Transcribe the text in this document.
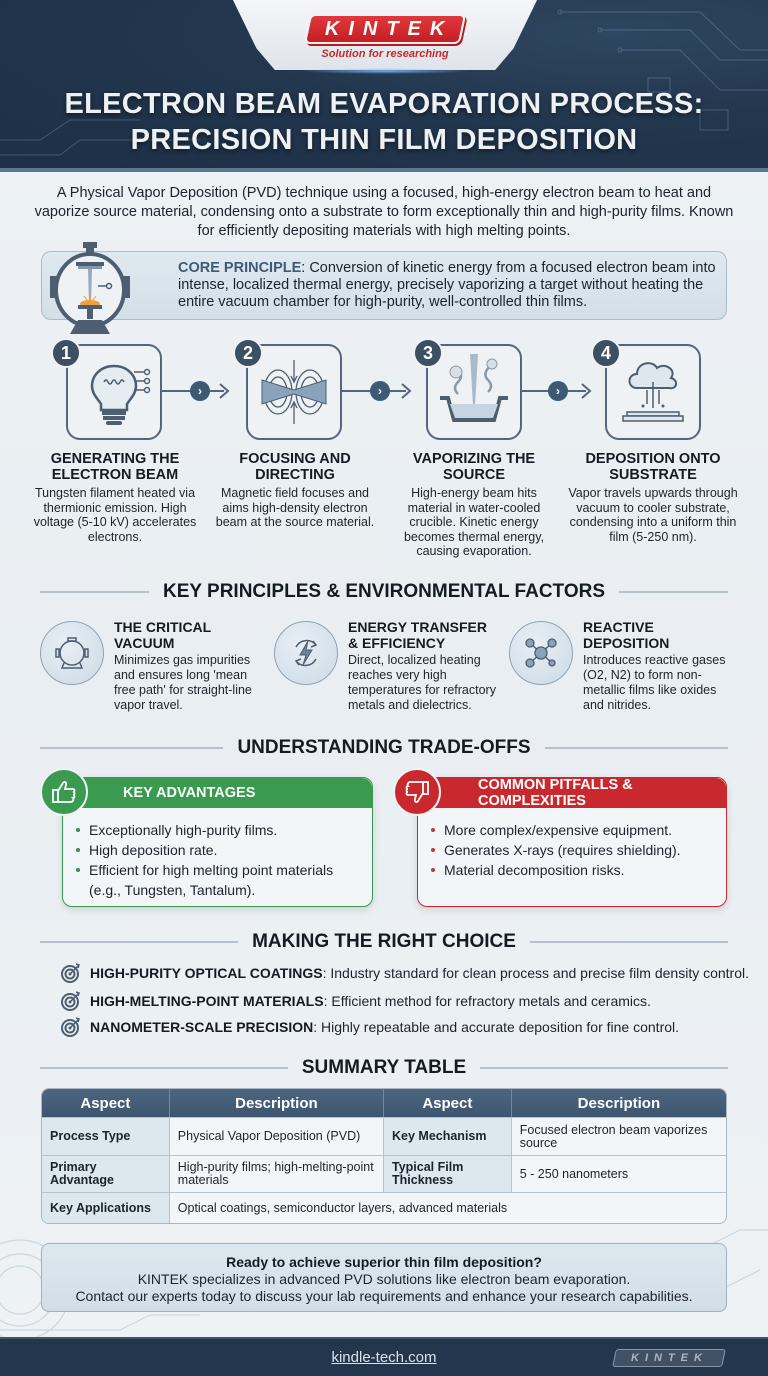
KINTEK
Solution for researching
ELECTRON BEAM EVAPORATION PROCESS:
PRECISION THIN FILM DEPOSITION
A Physical Vapor Deposition (PVD) technique using a focused, high-energy electron beam to heat and vaporize source material, condensing onto a substrate to form exceptionally thin and high-purity films. Known for efficiently depositing materials with high melting points.
CORE PRINCIPLE: Conversion of kinetic energy from a focused electron beam into intense, localized thermal energy, precisely vaporizing a target without heating the entire vacuum chamber for high-purity, well-controlled thin films.
1
GENERATING THE ELECTRON BEAM
Tungsten filament heated via thermionic emission. High voltage (5-10 kV) accelerates electrons.
›
2
FOCUSING AND DIRECTING
Magnetic field focuses and aims high-density electron beam at the source material.
›
3
VAPORIZING THE SOURCE
High-energy beam hits material in water-cooled crucible. Kinetic energy becomes thermal energy, causing evaporation.
›
4
DEPOSITION ONTO SUBSTRATE
Vapor travels upwards through vacuum to cooler substrate, condensing into a uniform thin film (5-250 nm).
KEY PRINCIPLES & ENVIRONMENTAL FACTORS
THE CRITICAL VACUUM
Minimizes gas impurities and ensures long 'mean free path' for straight-line vapor travel.
ENERGY TRANSFER & EFFICIENCY
Direct, localized heating reaches very high temperatures for refractory metals and dielectrics.
REACTIVE DEPOSITION
Introduces reactive gases (O2, N2) to form non-metallic films like oxides and nitrides.
UNDERSTANDING TRADE-OFFS
KEY ADVANTAGES
Exceptionally high-purity films.
High deposition rate.
Efficient for high melting point materials (e.g., Tungsten, Tantalum).
COMMON PITFALLS & COMPLEXITIES
More complex/expensive equipment.
Generates X-rays (requires shielding).
Material decomposition risks.
MAKING THE RIGHT CHOICE
HIGH-PURITY OPTICAL COATINGS : Industry standard for clean process and precise film density control.
HIGH-MELTING-POINT MATERIALS : Efficient method for refractory metals and ceramics.
NANOMETER-SCALE PRECISION : Highly repeatable and accurate deposition for fine control.
SUMMARY TABLE
Aspect	Description	Aspect	Description
Process Type	Physical Vapor Deposition (PVD)	Key Mechanism	Focused electron beam vaporizes source
Primary Advantage	High-purity films; high-melting-point materials	Typical Film Thickness	5 - 250 nanometers
Key Applications	Optical coatings, semiconductor layers, advanced materials		
Ready to achieve superior thin film deposition?
KINTEK specializes in advanced PVD solutions like electron beam evaporation.
Contact our experts today to discuss your lab requirements and enhance your research capabilities.
kindle-tech.com	KINTEK
